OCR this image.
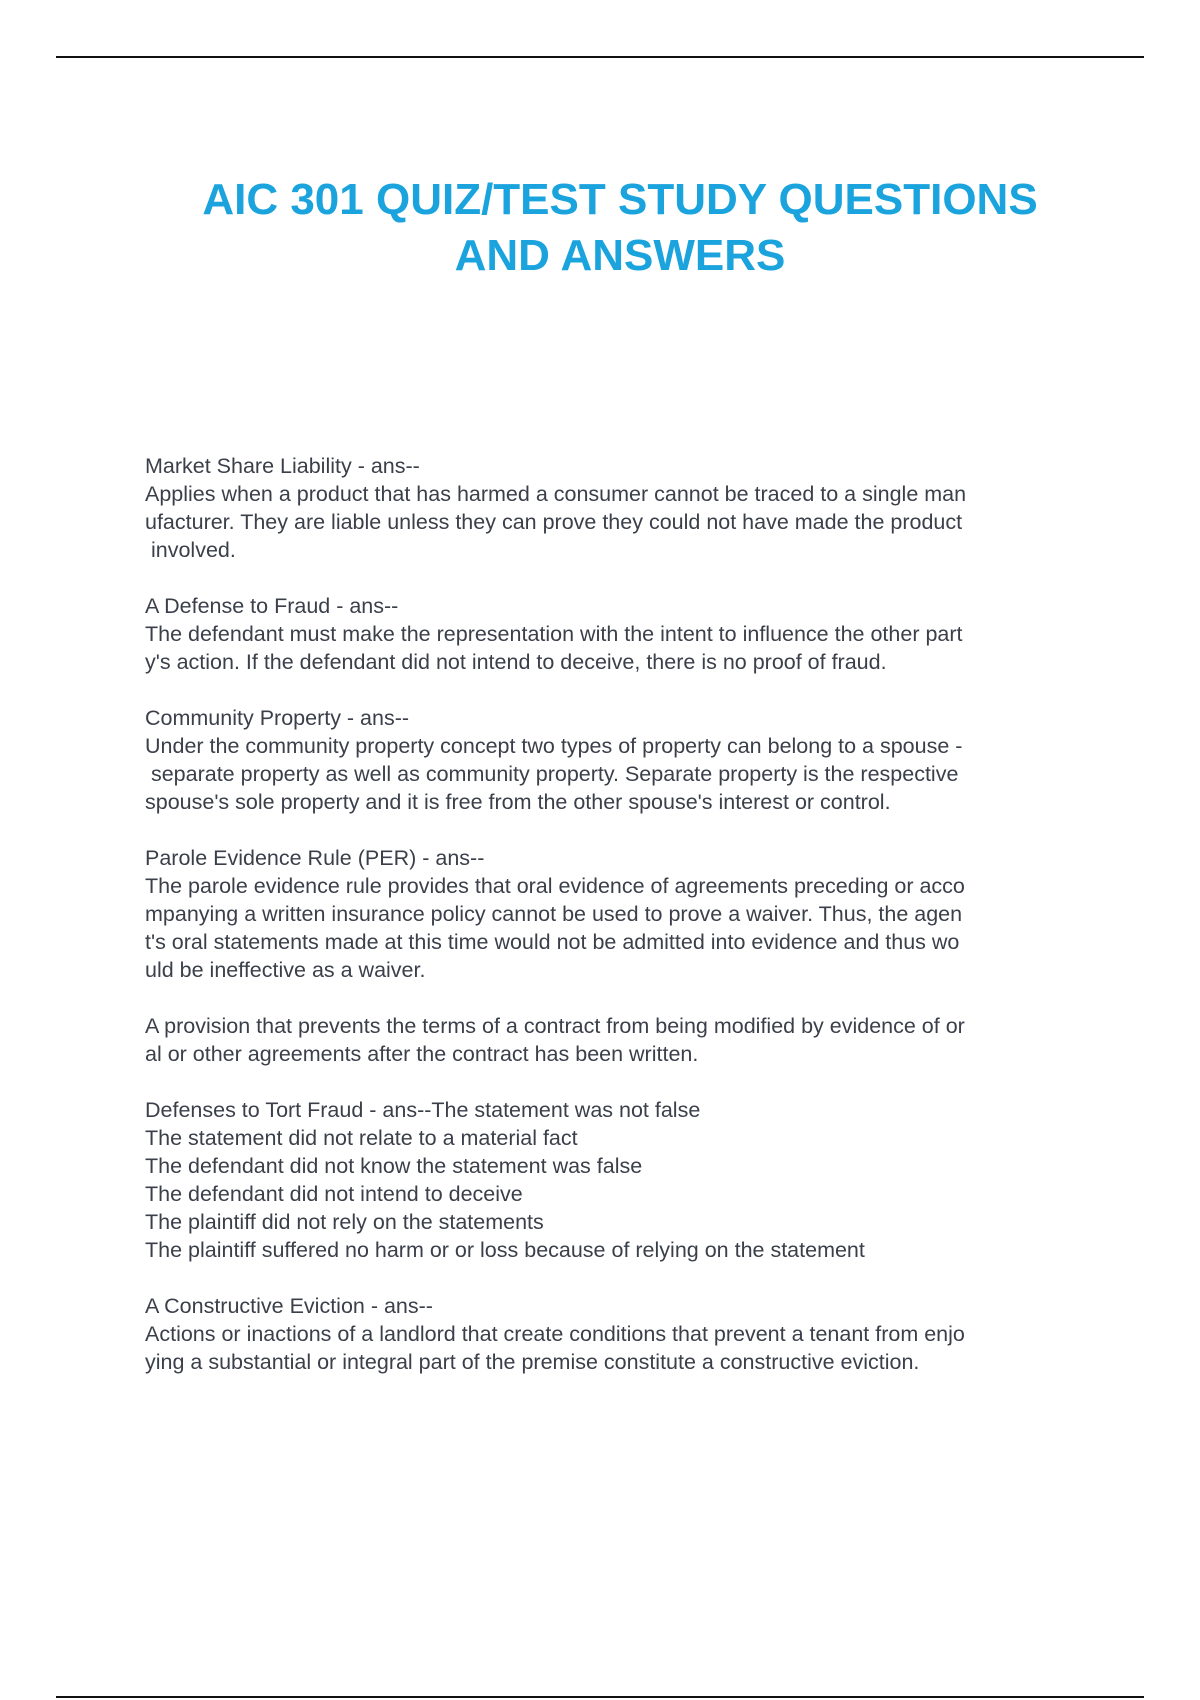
AIC 301 QUIZ/TEST STUDY QUESTIONS
AND ANSWERS
Market Share Liability - ans--
Applies when a product that has harmed a consumer cannot be traced to a single man
ufacturer. They are liable unless they can prove they could not have made the product
involved.
A Defense to Fraud - ans--
The defendant must make the representation with the intent to influence the other part
y's action. If the defendant did not intend to deceive, there is no proof of fraud.
Community Property - ans--
Under the community property concept two types of property can belong to a spouse -
separate property as well as community property. Separate property is the respective
spouse's sole property and it is free from the other spouse's interest or control.
Parole Evidence Rule (PER) - ans--
The parole evidence rule provides that oral evidence of agreements preceding or acco
mpanying a written insurance policy cannot be used to prove a waiver. Thus, the agen
t's oral statements made at this time would not be admitted into evidence and thus wo
uld be ineffective as a waiver.
A provision that prevents the terms of a contract from being modified by evidence of or
al or other agreements after the contract has been written.
Defenses to Tort Fraud - ans--The statement was not false
The statement did not relate to a material fact
The defendant did not know the statement was false
The defendant did not intend to deceive
The plaintiff did not rely on the statements
The plaintiff suffered no harm or or loss because of relying on the statement
A Constructive Eviction - ans--
Actions or inactions of a landlord that create conditions that prevent a tenant from enjo
ying a substantial or integral part of the premise constitute a constructive eviction.
